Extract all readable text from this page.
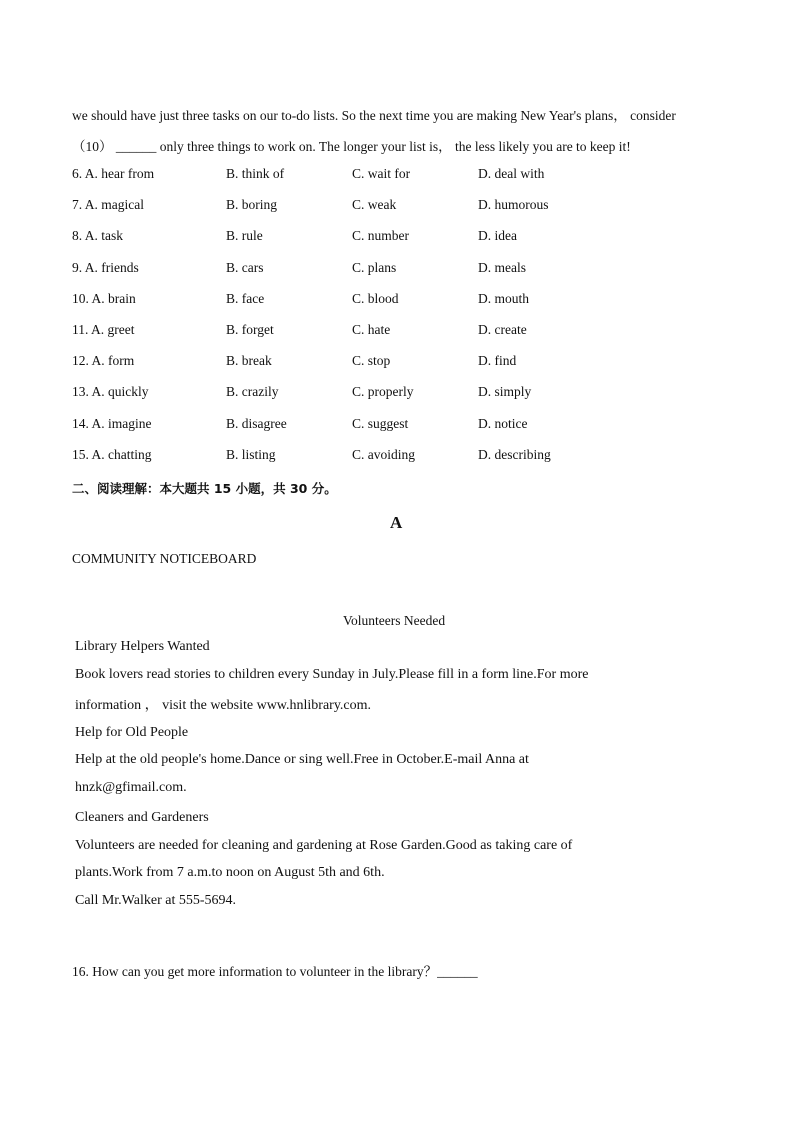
we should have just three tasks on our to-do lists. So the next time you are making New Year's plans， consider
（10） ______ only three things to work on. The longer your list is， the less likely you are to keep it!
6. A. hear from	B. think of	C. wait for	D. deal with
7. A. magical	B. boring	C. weak	D. humorous
8. A. task	B. rule	C. number	D. idea
9. A. friends	B. cars	C. plans	D. meals
10. A. brain	B. face	C. blood	D. mouth
11. A. greet	B. forget	C. hate	D. create
12. A. form	B. break	C. stop	D. find
13. A. quickly	B. crazily	C. properly	D. simply
14. A. imagine	B. disagree	C. suggest	D. notice
15. A. chatting	B. listing	C. avoiding	D. describing
二、阅读理解：本大题共 15 小题，共 30 分。
A
COMMUNITY NOTICEBOARD
Volunteers Needed
Library Helpers Wanted
Book lovers read stories to children every Sunday in July.Please fill in a form line.For more
information ， visit the website www.hnlibrary.com.
Help for Old People
Help at the old people's home.Dance or sing well.Free in October.E-mail Anna at
hnzk@gfimail.com.
Cleaners and Gardeners
Volunteers are needed for cleaning and gardening at Rose Garden.Good as taking care of
plants.Work from 7 a.m.to noon on August 5th and 6th.
Call Mr.Walker at 555-5694.
16. How can you get more information to volunteer in the library？______
